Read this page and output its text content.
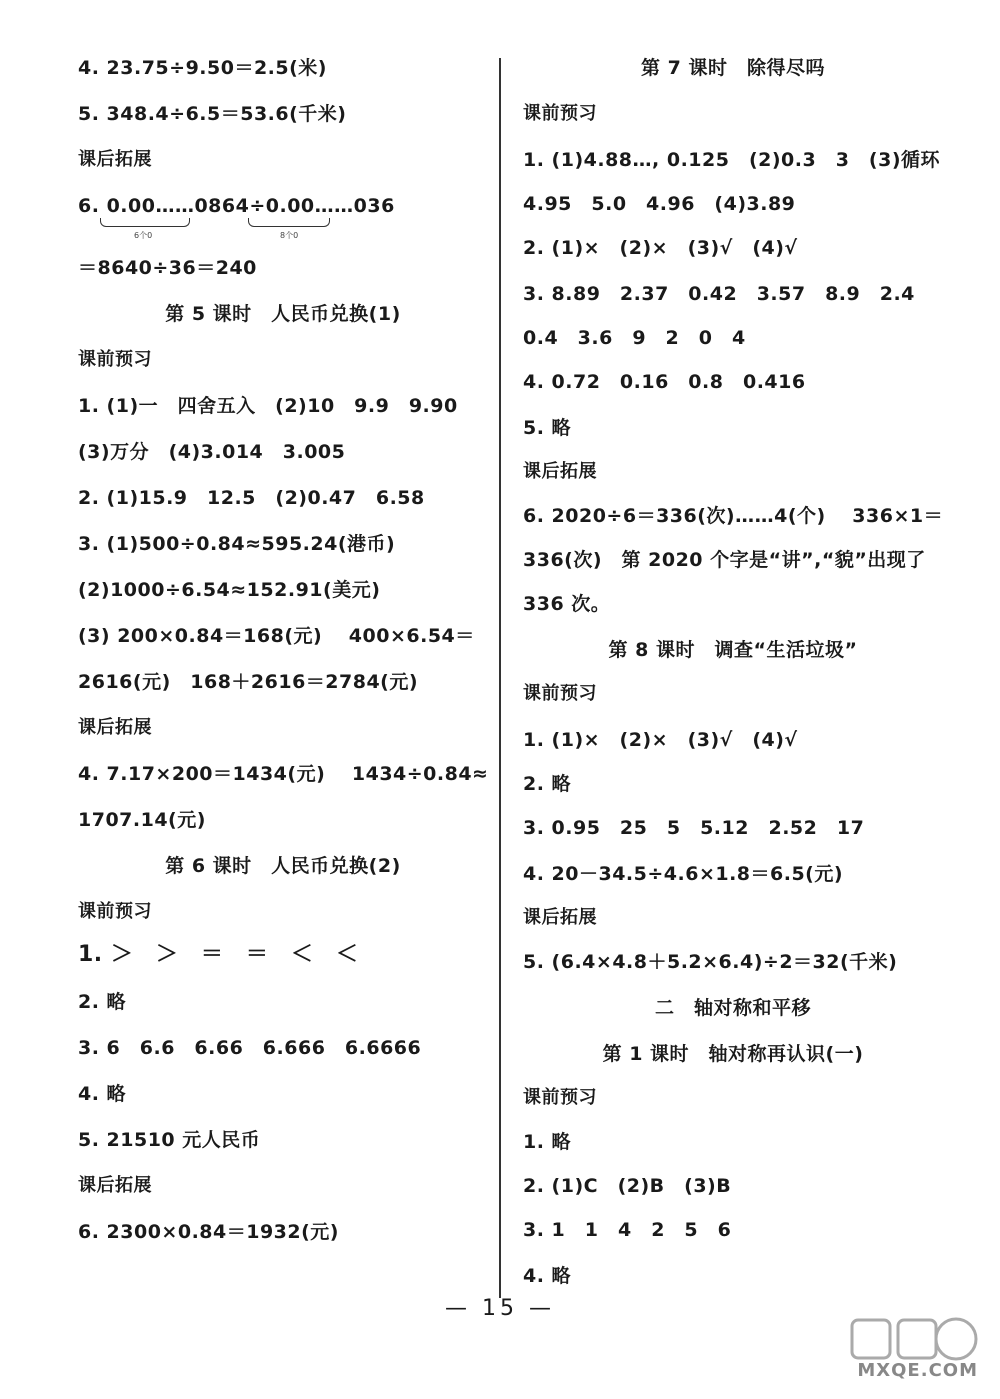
4. 23.75÷9.50＝2.5(米)
5. 348.4÷6.5＝53.6(千米)
课后拓展
6. 0.00……0864÷0.00……036
6个0	8个0
＝8640÷36＝240
第 5 课时　人民币兑换(1)
课前预习
1. (1)一　四舍五入　(2)10　9.9　9.90
(3)万分　(4)3.014　3.005
2. (1)15.9　12.5　(2)0.47　6.58
3. (1)500÷0.84≈595.24(港币)
(2)1000÷6.54≈152.91(美元)
(3) 200×0.84＝168(元)　 400×6.54＝
2616(元)　168＋2616＝2784(元)
课后拓展
4. 7.17×200＝1434(元)　 1434÷0.84≈
1707.14(元)
第 6 课时　人民币兑换(2)
课前预习
1. ＞　＞　＝　＝　＜　＜
2. 略
3. 6　6.6　6.66　6.666　6.6666
4. 略
5. 21510 元人民币
课后拓展
6. 2300×0.84＝1932(元)
第 7 课时　除得尽吗
课前预习
1. (1)4.88…, 0.125　(2)0.3　3　(3)循环
4.95　5.0　4.96　(4)3.89
2. (1)×　(2)×　(3)√　(4)√
3. 8.89　2.37　0.42　3.57　8.9　2.4
0.4　3.6　9　2　0　4
4. 0.72　0.16　0.8　0.416
5. 略
课后拓展
6. 2020÷6＝336(次)……4(个)　 336×1＝
336(次)　第 2020 个字是“讲”,“貌”出现了
336 次。
第 8 课时　调查“生活垃圾”
课前预习
1. (1)×　(2)×　(3)√　(4)√
2. 略
3. 0.95　25　5　5.12　2.52　17
4. 20－34.5÷4.6×1.8＝6.5(元)
课后拓展
5. (6.4×4.8＋5.2×6.4)÷2＝32(千米)
二　轴对称和平移
第 1 课时　轴对称再认识(一)
课前预习
1. 略
2. (1)C　(2)B　(3)B
3. 1　1　4　2　5　6
4. 略
— 15 —
MXQE.COM
